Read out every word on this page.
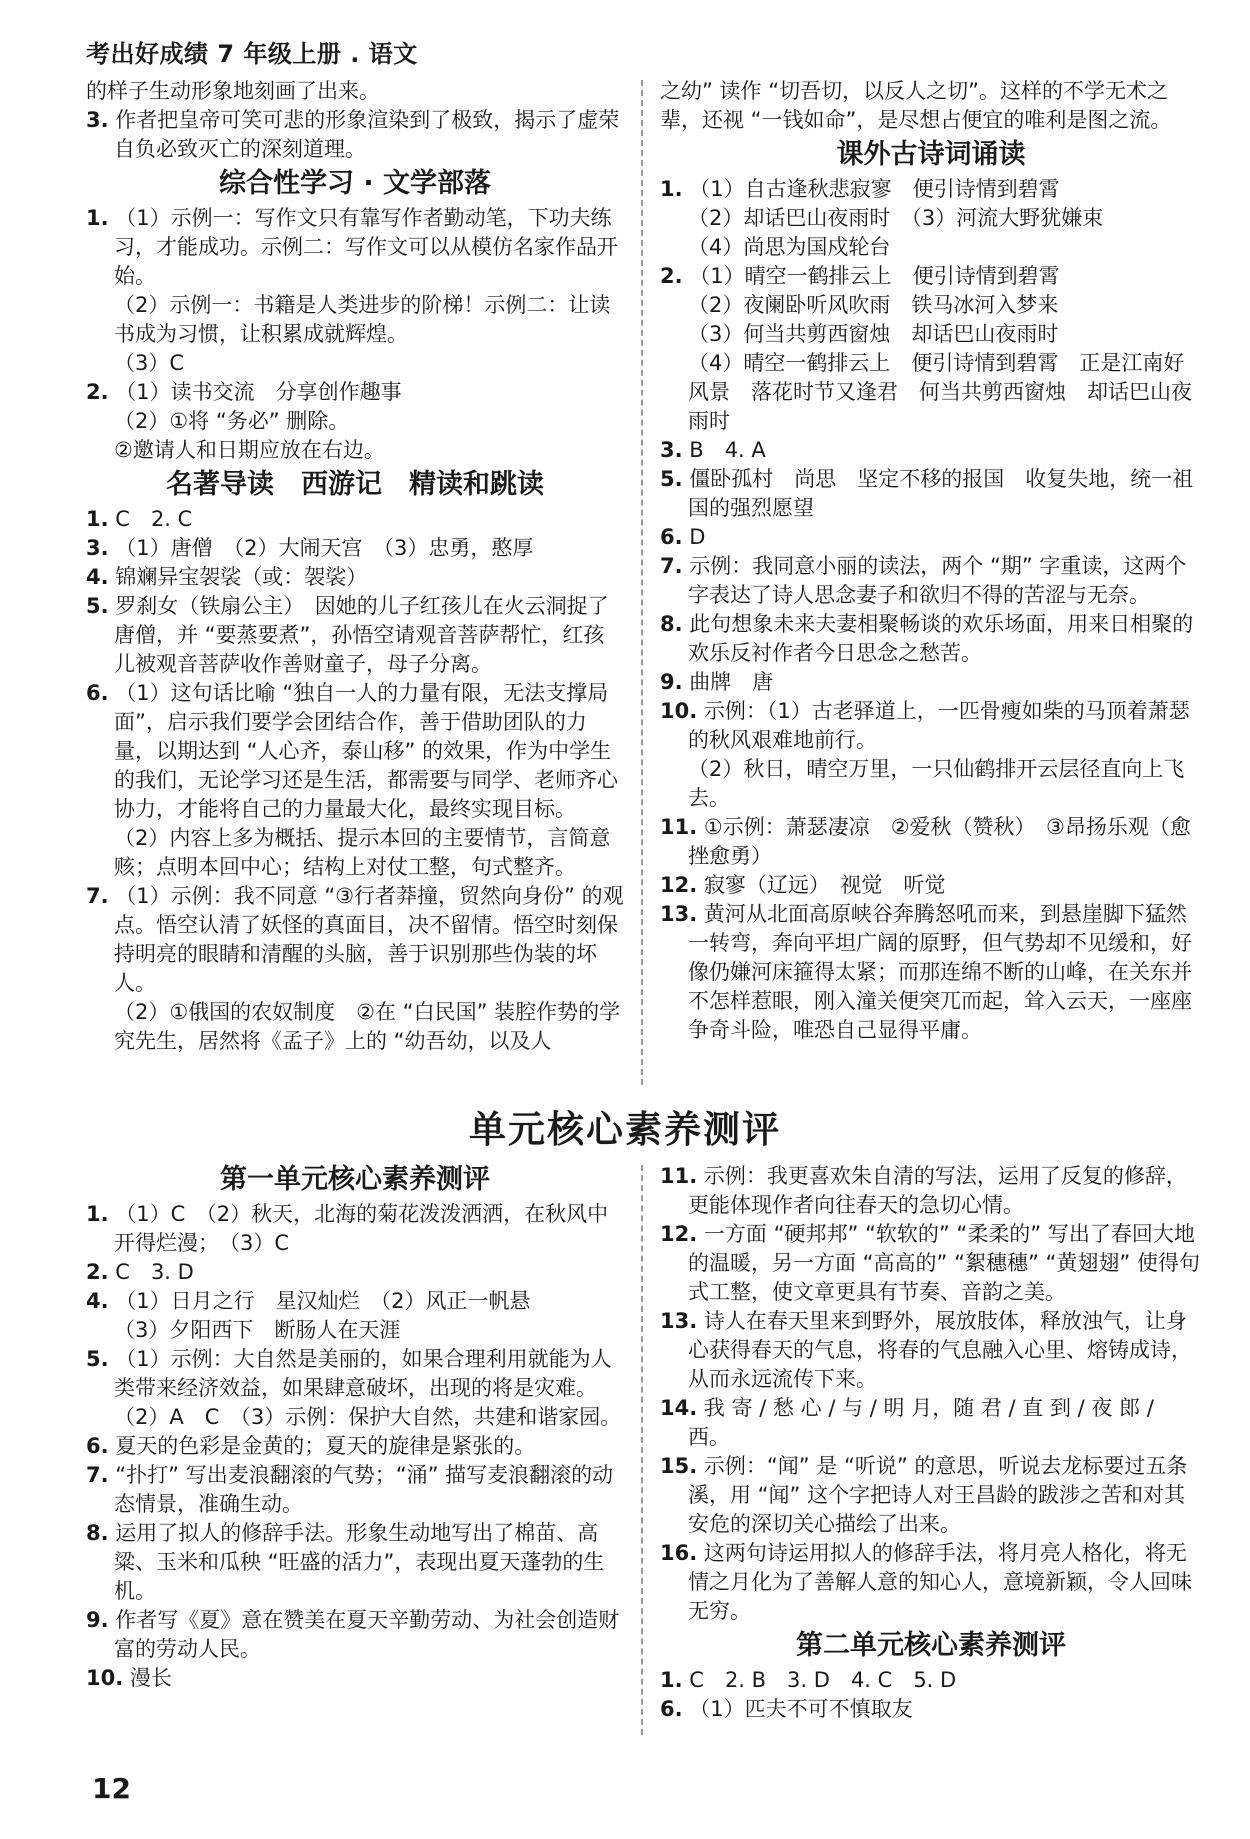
考出好成绩 7 年级上册 . 语文

的样子生动形象地刻画了出来。

3. 作者把皇帝可笑可悲的形象渲染到了极致，揭示了虚荣自负必致灭亡的深刻道理。

综合性学习 · 文学部落

1. （1）示例一：写作文只有靠写作者勤动笔，下功夫练习，才能成功。示例二：写作文可以从模仿名家作品开始。

（2）示例一：书籍是人类进步的阶梯！示例二：让读书成为习惯，让积累成就辉煌。

（3）C

2. （1）读书交流　分享创作趣事

（2）①将 “务必” 删除。

②邀请人和日期应放在右边。

名著导读　西游记　精读和跳读

1. C　2. C

3. （1）唐僧　（2）大闹天宫　（3）忠勇，憨厚

4. 锦斓异宝袈裟（或：袈裟）

5. 罗刹女（铁扇公主）　因她的儿子红孩儿在火云洞捉了唐僧，并 “要蒸要煮”，孙悟空请观音菩萨帮忙，红孩儿被观音菩萨收作善财童子，母子分离。

6. （1）这句话比喻 “独自一人的力量有限，无法支撑局面”，启示我们要学会团结合作，善于借助团队的力量，以期达到 “人心齐，泰山移” 的效果，作为中学生的我们，无论学习还是生活，都需要与同学、老师齐心协力，才能将自己的力量最大化，最终实现目标。

（2）内容上多为概括、提示本回的主要情节，言简意赅；点明本回中心；结构上对仗工整，句式整齐。

7. （1）示例：我不同意 “③行者莽撞，贸然向身份” 的观点。悟空认清了妖怪的真面目，决不留情。悟空时刻保持明亮的眼睛和清醒的头脑，善于识别那些伪装的坏人。

（2）①俄国的农奴制度　②在 “白民国” 装腔作势的学究先生，居然将《孟子》上的 “幼吾幼，以及人

之幼” 读作 “切吾切，以反人之切”。这样的不学无术之辈，还视 “一钱如命”，是尽想占便宜的唯利是图之流。

课外古诗词诵读

1. （1）自古逢秋悲寂寥　便引诗情到碧霄

（2）却话巴山夜雨时　（3）河流大野犹嫌束

（4）尚思为国戍轮台

2. （1）晴空一鹤排云上　便引诗情到碧霄

（2）夜阑卧听风吹雨　铁马冰河入梦来

（3）何当共剪西窗烛　却话巴山夜雨时

（4）晴空一鹤排云上　便引诗情到碧霄　正是江南好风景　落花时节又逢君　何当共剪西窗烛　却话巴山夜雨时

3. B　4. A

5. 僵卧孤村　尚思　坚定不移的报国　收复失地，统一祖国的强烈愿望

6. D

7. 示例：我同意小丽的读法，两个 “期” 字重读，这两个字表达了诗人思念妻子和欲归不得的苦涩与无奈。

8. 此句想象未来夫妻相聚畅谈的欢乐场面，用来日相聚的欢乐反衬作者今日思念之愁苦。

9. 曲牌　唐

10. 示例：（1）古老驿道上，一匹骨瘦如柴的马顶着萧瑟的秋风艰难地前行。

（2）秋日，晴空万里，一只仙鹤排开云层径直向上飞去。

11. ①示例：萧瑟凄凉　②爱秋（赞秋）　③昂扬乐观（愈挫愈勇）

12. 寂寥（辽远）　视觉　听觉

13. 黄河从北面高原峡谷奔腾怒吼而来，到悬崖脚下猛然一转弯，奔向平坦广阔的原野，但气势却不见缓和，好像仍嫌河床箍得太紧；而那连绵不断的山峰，在关东并不怎样惹眼，刚入潼关便突兀而起，耸入云天，一座座争奇斗险，唯恐自己显得平庸。

单元核心素养测评

第一单元核心素养测评

1. （1）C　（2）秋天，北海的菊花泼泼洒洒，在秋风中开得烂漫；　（3）C

2. C　3. D

4. （1）日月之行　星汉灿烂　（2）风正一帆悬

（3）夕阳西下　断肠人在天涯

5. （1）示例：大自然是美丽的，如果合理利用就能为人类带来经济效益，如果肆意破坏，出现的将是灾难。

（2）A　C　（3）示例：保护大自然，共建和谐家园。

6. 夏天的色彩是金黄的；夏天的旋律是紧张的。

7. “扑打” 写出麦浪翻滚的气势；“涌” 描写麦浪翻滚的动态情景，准确生动。

8. 运用了拟人的修辞手法。形象生动地写出了棉苗、高粱、玉米和瓜秧 “旺盛的活力”，表现出夏天蓬勃的生机。

9. 作者写《夏》意在赞美在夏天辛勤劳动、为社会创造财富的劳动人民。

10. 漫长

11. 示例：我更喜欢朱自清的写法，运用了反复的修辞，更能体现作者向往春天的急切心情。

12. 一方面 “硬邦邦” “软软的” “柔柔的” 写出了春回大地的温暖，另一方面 “高高的” “絮穗穗” “黄翅翅” 使得句式工整，使文章更具有节奏、音韵之美。

13. 诗人在春天里来到野外，展放肢体，释放浊气，让身心获得春天的气息，将春的气息融入心里、熔铸成诗，从而永远流传下来。

14. 我 寄 / 愁 心 / 与 / 明 月，随 君 / 直 到 / 夜 郎 / 西。

15. 示例：“闻” 是 “听说” 的意思，听说去龙标要过五条溪，用 “闻” 这个字把诗人对王昌龄的跋涉之苦和对其安危的深切关心描绘了出来。

16. 这两句诗运用拟人的修辞手法，将月亮人格化，将无情之月化为了善解人意的知心人，意境新颖，令人回味无穷。

第二单元核心素养测评

1. C　2. B　3. D　4. C　5. D

6. （1）匹夫不可不慎取友

12
